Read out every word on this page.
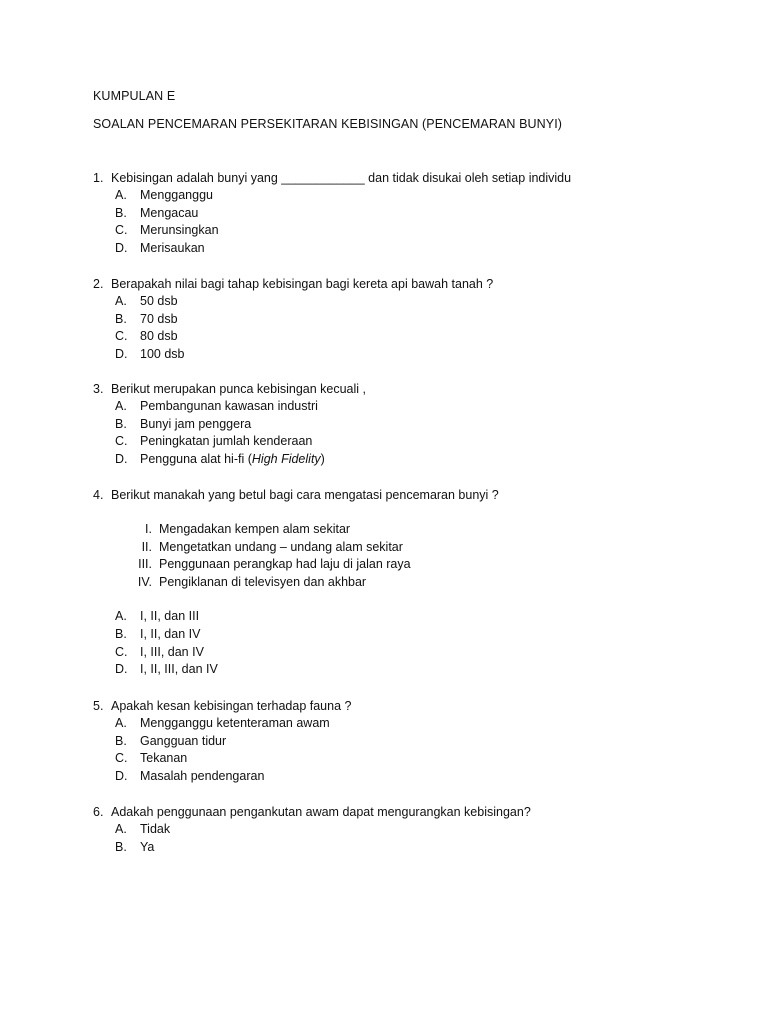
KUMPULAN E
SOALAN PENCEMARAN PERSEKITARAN KEBISINGAN (PENCEMARAN BUNYI)
1. Kebisingan adalah bunyi yang ____________ dan tidak disukai oleh setiap individu
A.	Mengganggu
B.	Mengacau
C.	Merunsingkan
D.	Merisaukan
2. Berapakah nilai bagi tahap kebisingan bagi kereta api bawah tanah ?
A.	50 dsb
B.	70 dsb
C.	80 dsb
D.	100 dsb
3. Berikut merupakan punca kebisingan kecuali ,
A.	Pembangunan kawasan industri
B.	Bunyi jam penggera
C.	Peningkatan jumlah kenderaan
D.	Pengguna alat hi-fi (High Fidelity)
4. Berikut manakah yang betul bagi cara mengatasi pencemaran bunyi ?
I. Mengadakan kempen alam sekitar
II. Mengetatkan undang – undang alam sekitar
III. Penggunaan perangkap had laju di jalan raya
IV. Pengiklanan di televisyen dan akhbar
A.	I, II, dan III
B.	I, II, dan IV
C.	I, III, dan IV
D.	I, II, III, dan IV
5. Apakah kesan kebisingan terhadap fauna ?
A.	Mengganggu ketenteraman awam
B.	Gangguan tidur
C.	Tekanan
D.	Masalah pendengaran
6. Adakah penggunaan pengankutan awam dapat mengurangkan kebisingan?
A.	Tidak
B.	Ya
